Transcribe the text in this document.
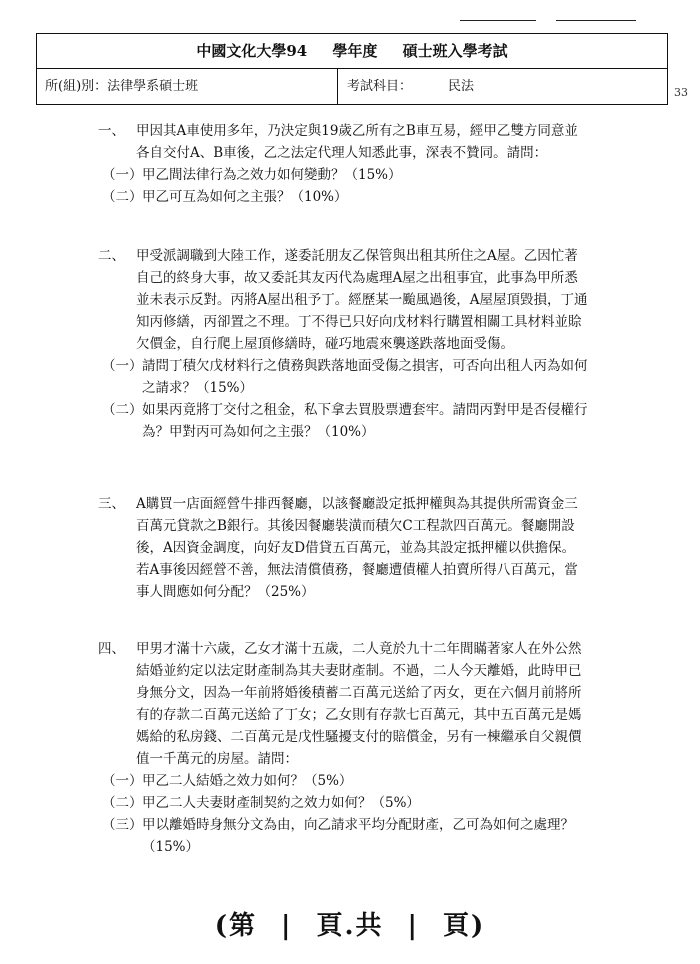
中國文化大學94 學年度 碩士班入學考試
所(組)別：法律學系碩士班	考試科目：	民法	33
一、 甲因其A車使用多年，乃決定與19歲乙所有之B車互易，經甲乙雙方同意並各自交付A、B車後，乙之法定代理人知悉此事，深表不贊同。請問：
（一） 甲乙間法律行為之效力如何變動？（15%）
（二） 甲乙可互為如何之主張？（10%）
二、 甲受派調職到大陸工作，遂委託朋友乙保管與出租其所住之A屋。乙因忙著自己的終身大事，故又委託其友丙代為處理A屋之出租事宜，此事為甲所悉並未表示反對。丙將A屋出租予丁。經歷某一颱風過後，A屋屋頂毀損，丁通知丙修繕，丙卻置之不理。丁不得已只好向戊材料行購置相關工具材料並賒欠價金，自行爬上屋頂修繕時，碰巧地震來襲遂跌落地面受傷。
（一） 請問丁積欠戊材料行之債務與跌落地面受傷之損害，可否向出租人丙為如何之請求？（15%）
（二） 如果丙竟將丁交付之租金，私下拿去買股票遭套牢。請問丙對甲是否侵權行為？甲對丙可為如何之主張？（10%）
三、 A購買一店面經營牛排西餐廳，以該餐廳設定抵押權與為其提供所需資金三百萬元貸款之B銀行。其後因餐廳裝潢而積欠C工程款四百萬元。餐廳開設後，A因資金調度，向好友D借貸五百萬元，並為其設定抵押權以供擔保。若A事後因經營不善，無法清償債務，餐廳遭債權人拍賣所得八百萬元，當事人間應如何分配？（25%）
四、 甲男才滿十六歲，乙女才滿十五歲，二人竟於九十二年間瞞著家人在外公然結婚並約定以法定財產制為其夫妻財產制。不過，二人今天離婚，此時甲已身無分文，因為一年前將婚後積蓄二百萬元送給了丙女，更在六個月前將所有的存款二百萬元送給了丁女；乙女則有存款七百萬元，其中五百萬元是媽媽給的私房錢、二百萬元是戊性騷擾支付的賠償金，另有一棟繼承自父親價值一千萬元的房屋。請問：
（一） 甲乙二人結婚之效力如何？（5%）
（二） 甲乙二人夫妻財產制契約之效力如何？（5%）
（三） 甲以離婚時身無分文為由，向乙請求平均分配財產，乙可為如何之處理？（15%）
(第 | 頁.共 | 頁)
